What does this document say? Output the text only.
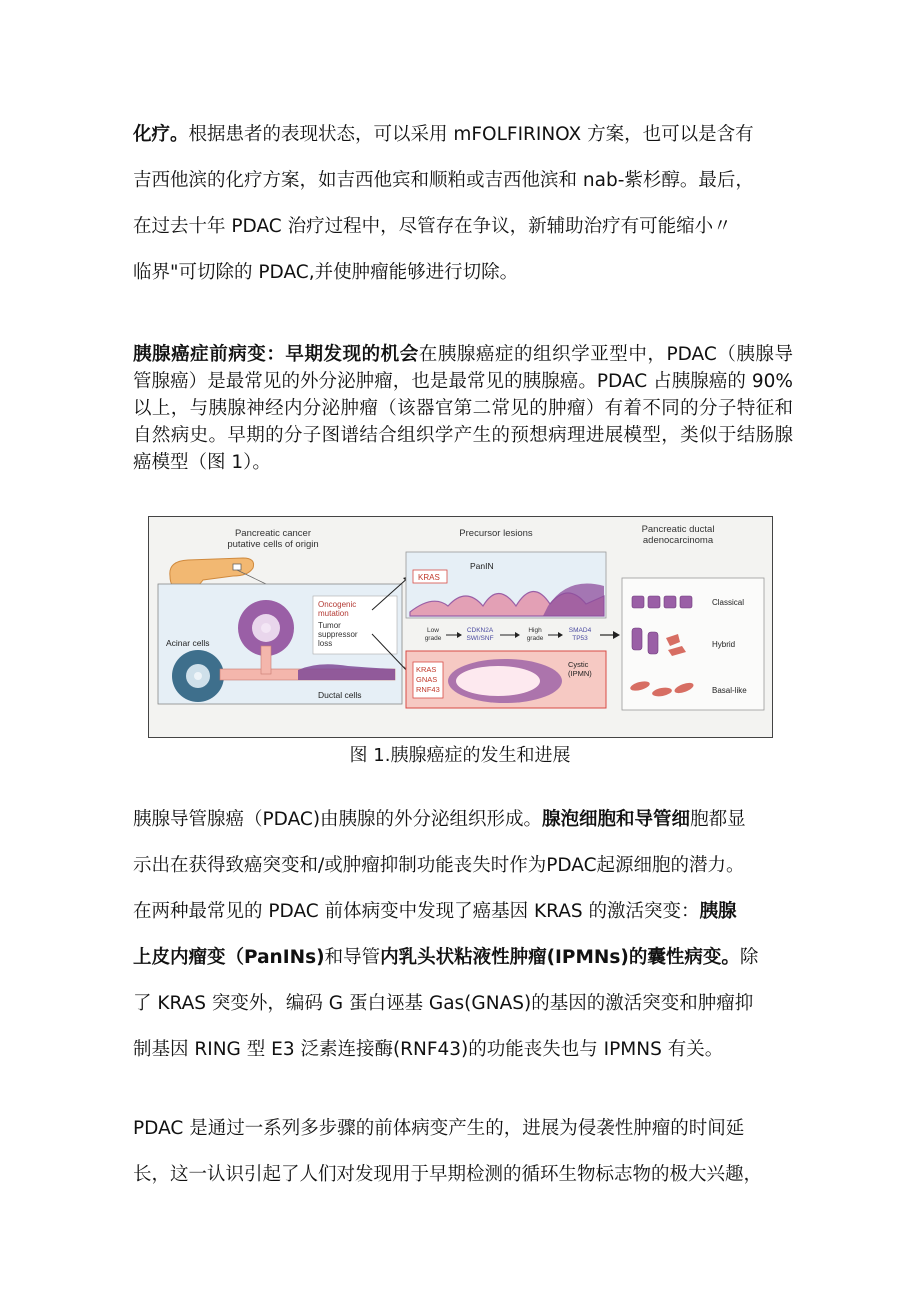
化疗。根据患者的表现状态，可以采用 mFOLFIRINOX 方案，也可以是含有
吉西他滨的化疗方案，如吉西他宾和顺粕或吉西他滨和 nab-紫杉醇。最后，
在过去十年 PDAC 治疗过程中，尽管存在争议，新辅助治疗有可能缩小〃
临界"可切除的 PDAC,并使肿瘤能够进行切除。
胰腺癌症前病变：早期发现的机会在胰腺癌症的组织学亚型中，PDAC（胰腺导管腺癌）是最常见的外分泌肿瘤，也是最常见的胰腺癌。PDAC 占胰腺癌的 90%以上，与胰腺神经内分泌肿瘤（该器官第二常见的肿瘤）有着不同的分子特征和自然病史。早期的分子图谱结合组织学产生的预想病理进展模型，类似于结肠腺癌模型（图 1）。
Pancreatic cancer
putative cells of origin
Precursor lesions	Pancreatic ductal
adenocarcinoma
Acinar cells
Ductal cells
Oncogenic
mutation
Tumor
suppressor
loss
KRAS
PanIN
Low
grade
CDKN2A
SWI/SNF
High
grade
SMAD4
TP53
KRAS
GNAS
RNF43
Cystic
(IPMN)
Classical
Hybrid
Basal-like
图 1.胰腺癌症的发生和进展
胰腺导管腺癌（PDAC)由胰腺的外分泌组织形成。腺泡细胞和导管细胞都显
示出在获得致癌突变和/或肿瘤抑制功能丧失时作为PDAC起源细胞的潜力。
在两种最常见的 PDAC 前体病变中发现了癌基因 KRAS 的激活突变：胰腺
上皮内瘤变（PanINs)和导管内乳头状粘液性肿瘤(IPMNs)的囊性病变。除
了 KRAS 突变外，编码 G 蛋白诬基 Gas(GNAS)的基因的激活突变和肿瘤抑
制基因 RING 型 E3 泛素连接酶(RNF43)的功能丧失也与 IPMNS 有关。
PDAC 是通过一系列多步骤的前体病变产生的，进展为侵袭性肿瘤的时间延
长，这一认识引起了人们对发现用于早期检测的循环生物标志物的极大兴趣，
